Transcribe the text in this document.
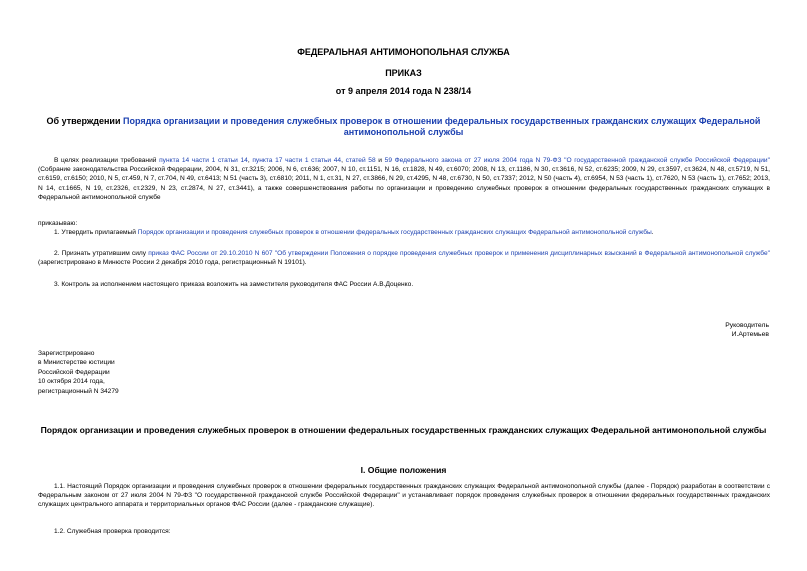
ФЕДЕРАЛЬНАЯ АНТИМОНОПОЛЬНАЯ СЛУЖБА
ПРИКАЗ
от 9 апреля 2014 года N 238/14
Об утверждении Порядка организации и проведения служебных проверок в отношении федеральных государственных гражданских служащих Федеральной антимонопольной службы
В целях реализации требований пункта 14 части 1 статьи 14, пункта 17 части 1 статьи 44, статей 58 и 59 Федерального закона от 27 июля 2004 года N 79-ФЗ "О государственной гражданской службе Российской Федерации" (Собрание законодательства Российской Федерации, 2004, N 31, ст.3215; 2006, N 6, ст.636; 2007, N 10, ст.1151, N 16, ст.1828, N 49, ст.6070; 2008, N 13, ст.1186, N 30, ст.3616, N 52, ст.6235; 2009, N 29, ст.3597, ст.3624, N 48, ст.5719, N 51, ст.6159, ст.6150; 2010, N 5, ст.459, N 7, ст.704, N 49, ст.6413; N 51 (часть 3), ст.6810; 2011, N 1, ст.31, N 27, ст.3866, N 29, ст.4295, N 48, ст.6730, N 50, ст.7337; 2012, N 50 (часть 4), ст.6954, N 53 (часть 1), ст.7620, N 53 (часть 1), ст.7652; 2013, N 14, ст.1665, N 19, ст.2326, ст.2329, N 23, ст.2874, N 27, ст.3441), а также совершенствования работы по организации и проведению служебных проверок в отношении федеральных государственных гражданских служащих в Федеральной антимонопольной службе
приказываю:
1. Утвердить прилагаемый Порядок организации и проведения служебных проверок в отношении федеральных государственных гражданских служащих Федеральной антимонопольной службы.
2. Признать утратившим силу приказ ФАС России от 29.10.2010 N 607 "Об утверждении Положения о порядке проведения служебных проверок и применения дисциплинарных взысканий в Федеральной антимонопольной службе" (зарегистрировано в Минюсте России 2 декабря 2010 года, регистрационный N 19101).
3. Контроль за исполнением настоящего приказа возложить на заместителя руководителя ФАС России А.В.Доценко.
Руководитель
И.Артемьев
Зарегистрировано
в Министерстве юстиции
Российской Федерации
10 октября 2014 года,
регистрационный N 34279
Порядок организации и проведения служебных проверок в отношении федеральных государственных гражданских служащих Федеральной антимонопольной службы
I. Общие положения
1.1. Настоящий Порядок организации и проведения служебных проверок в отношении федеральных государственных гражданских служащих Федеральной антимонопольной службы (далее - Порядок) разработан в соответствии с Федеральным законом от 27 июля 2004 N 79-ФЗ "О государственной гражданской службе Российской Федерации" и устанавливает порядок проведения служебных проверок в отношении федеральных государственных гражданских служащих центрального аппарата и территориальных органов ФАС России (далее - гражданские служащие).
1.2. Служебная проверка проводится:
